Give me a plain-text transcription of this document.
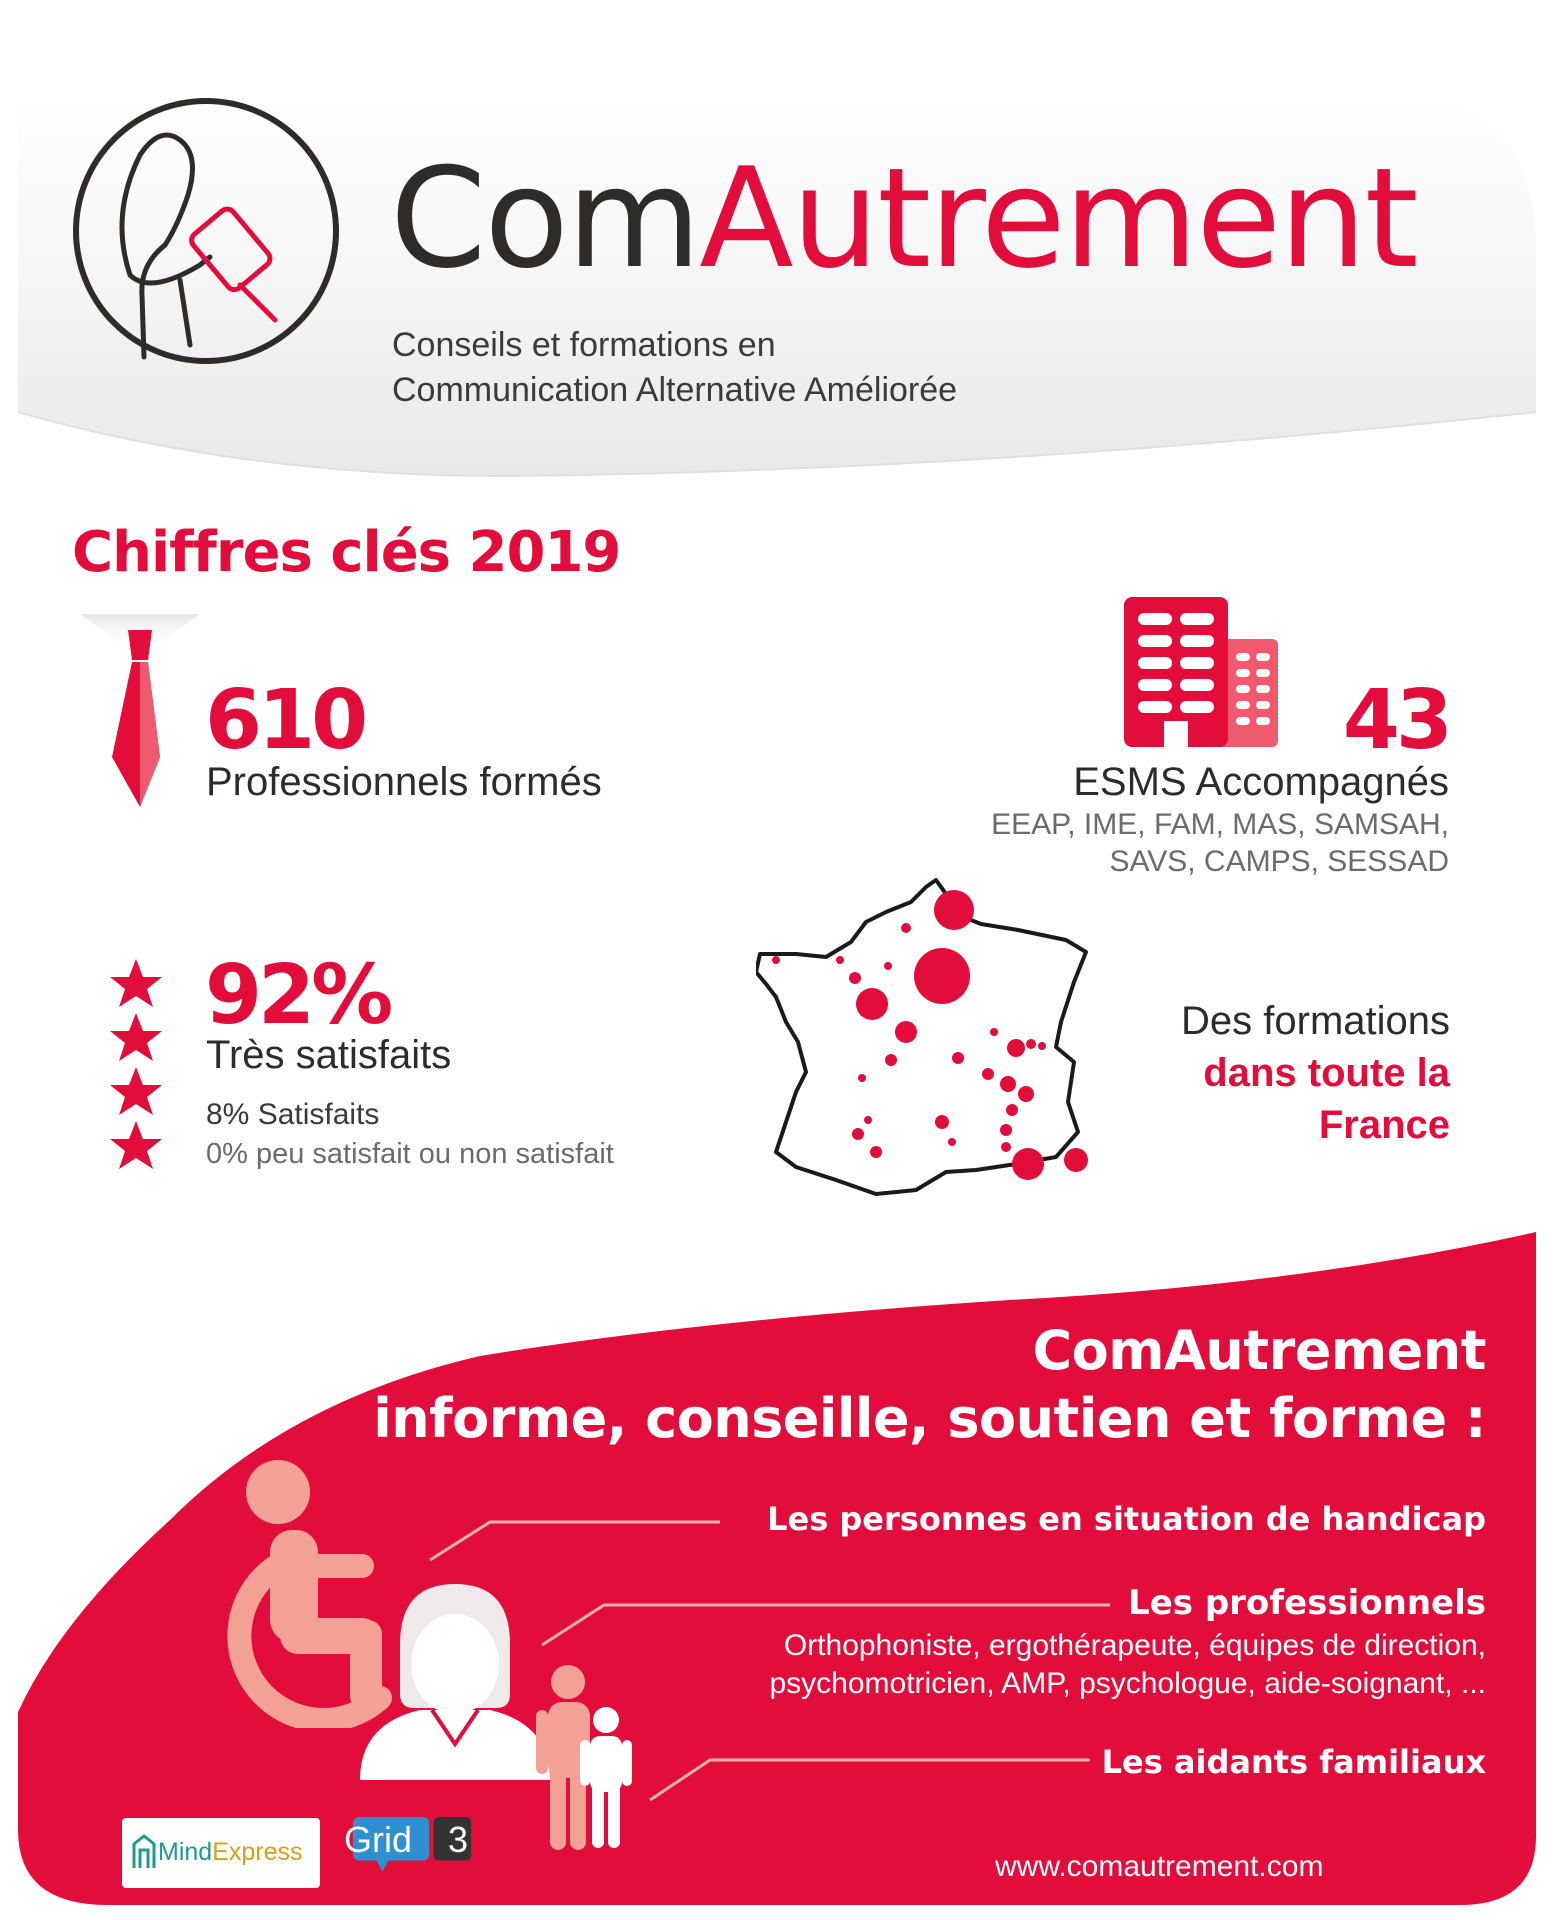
ComAutrement
Conseils et formations en
Communication Alternative Améliorée
Chiffres clés 2019
610
Professionnels formés
43
ESMS Accompagnés
EEAP, IME, FAM, MAS, SAMSAH,
SAVS, CAMPS, SESSAD
92%
Très satisfaits
8% Satisfaits
0% peu satisfait ou non satisfait
Des formations
dans toute la
France
ComAutrement
informe, conseille, soutien et forme :
Les personnes en situation de handicap
Les professionnels
Orthophoniste, ergothérapeute, équipes de direction,
psychomotricien, AMP, psychologue, aide-soignant, ...
Les aidants familiaux
MindExpress Grid 3
www.comautrement.com
